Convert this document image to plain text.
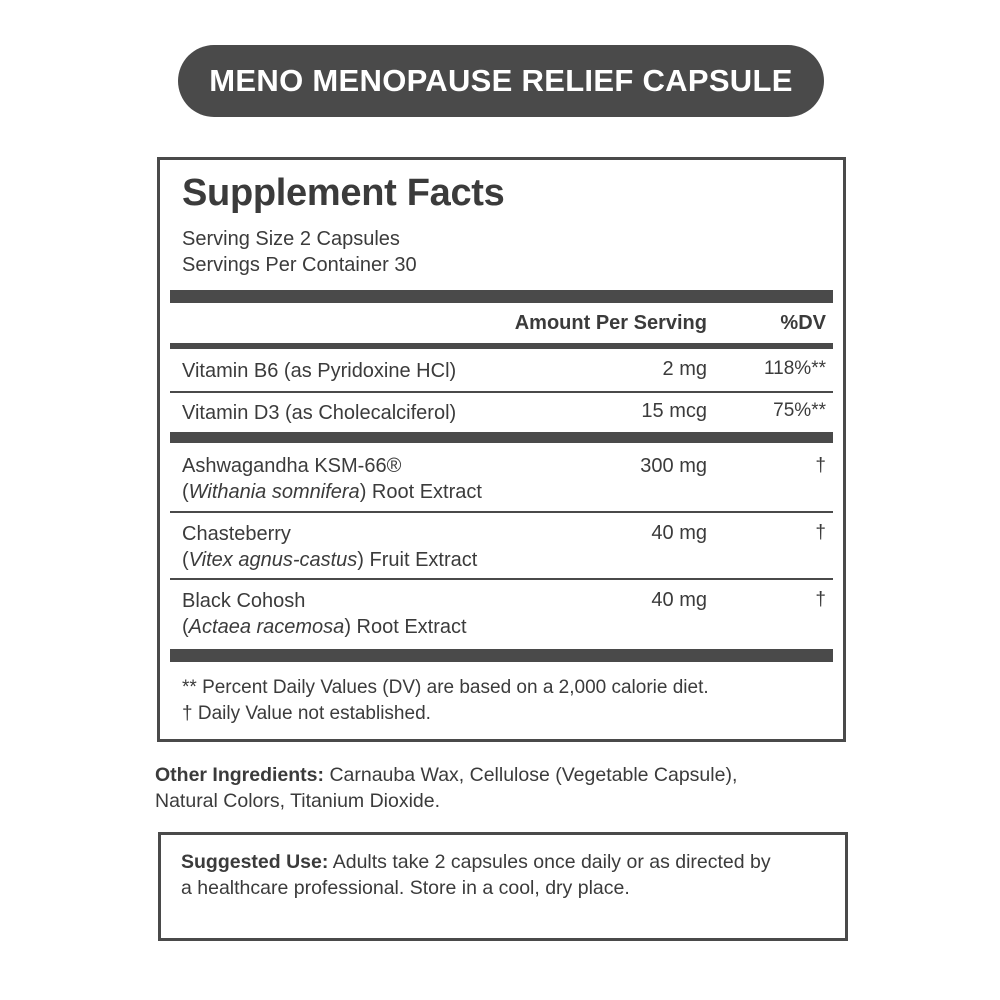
MENO MENOPAUSE RELIEF CAPSULE
Supplement Facts
Serving Size 2 Capsules
Servings Per Container 30
Amount Per Serving	%DV
Vitamin B6 (as Pyridoxine HCl)	2 mg	118%**
Vitamin D3 (as Cholecalciferol)	15 mcg	75%**
Ashwagandha KSM-66®
(Withania somnifera) Root Extract
300 mg	†
Chasteberry
(Vitex agnus-castus) Fruit Extract
40 mg	†
Black Cohosh
(Actaea racemosa) Root Extract
40 mg	†
** Percent Daily Values (DV) are based on a 2,000 calorie diet.
† Daily Value not established.
Other Ingredients: Carnauba Wax, Cellulose (Vegetable Capsule), Natural Colors, Titanium Dioxide.
Suggested Use: Adults take 2 capsules once daily or as directed by a healthcare professional. Store in a cool, dry place.
